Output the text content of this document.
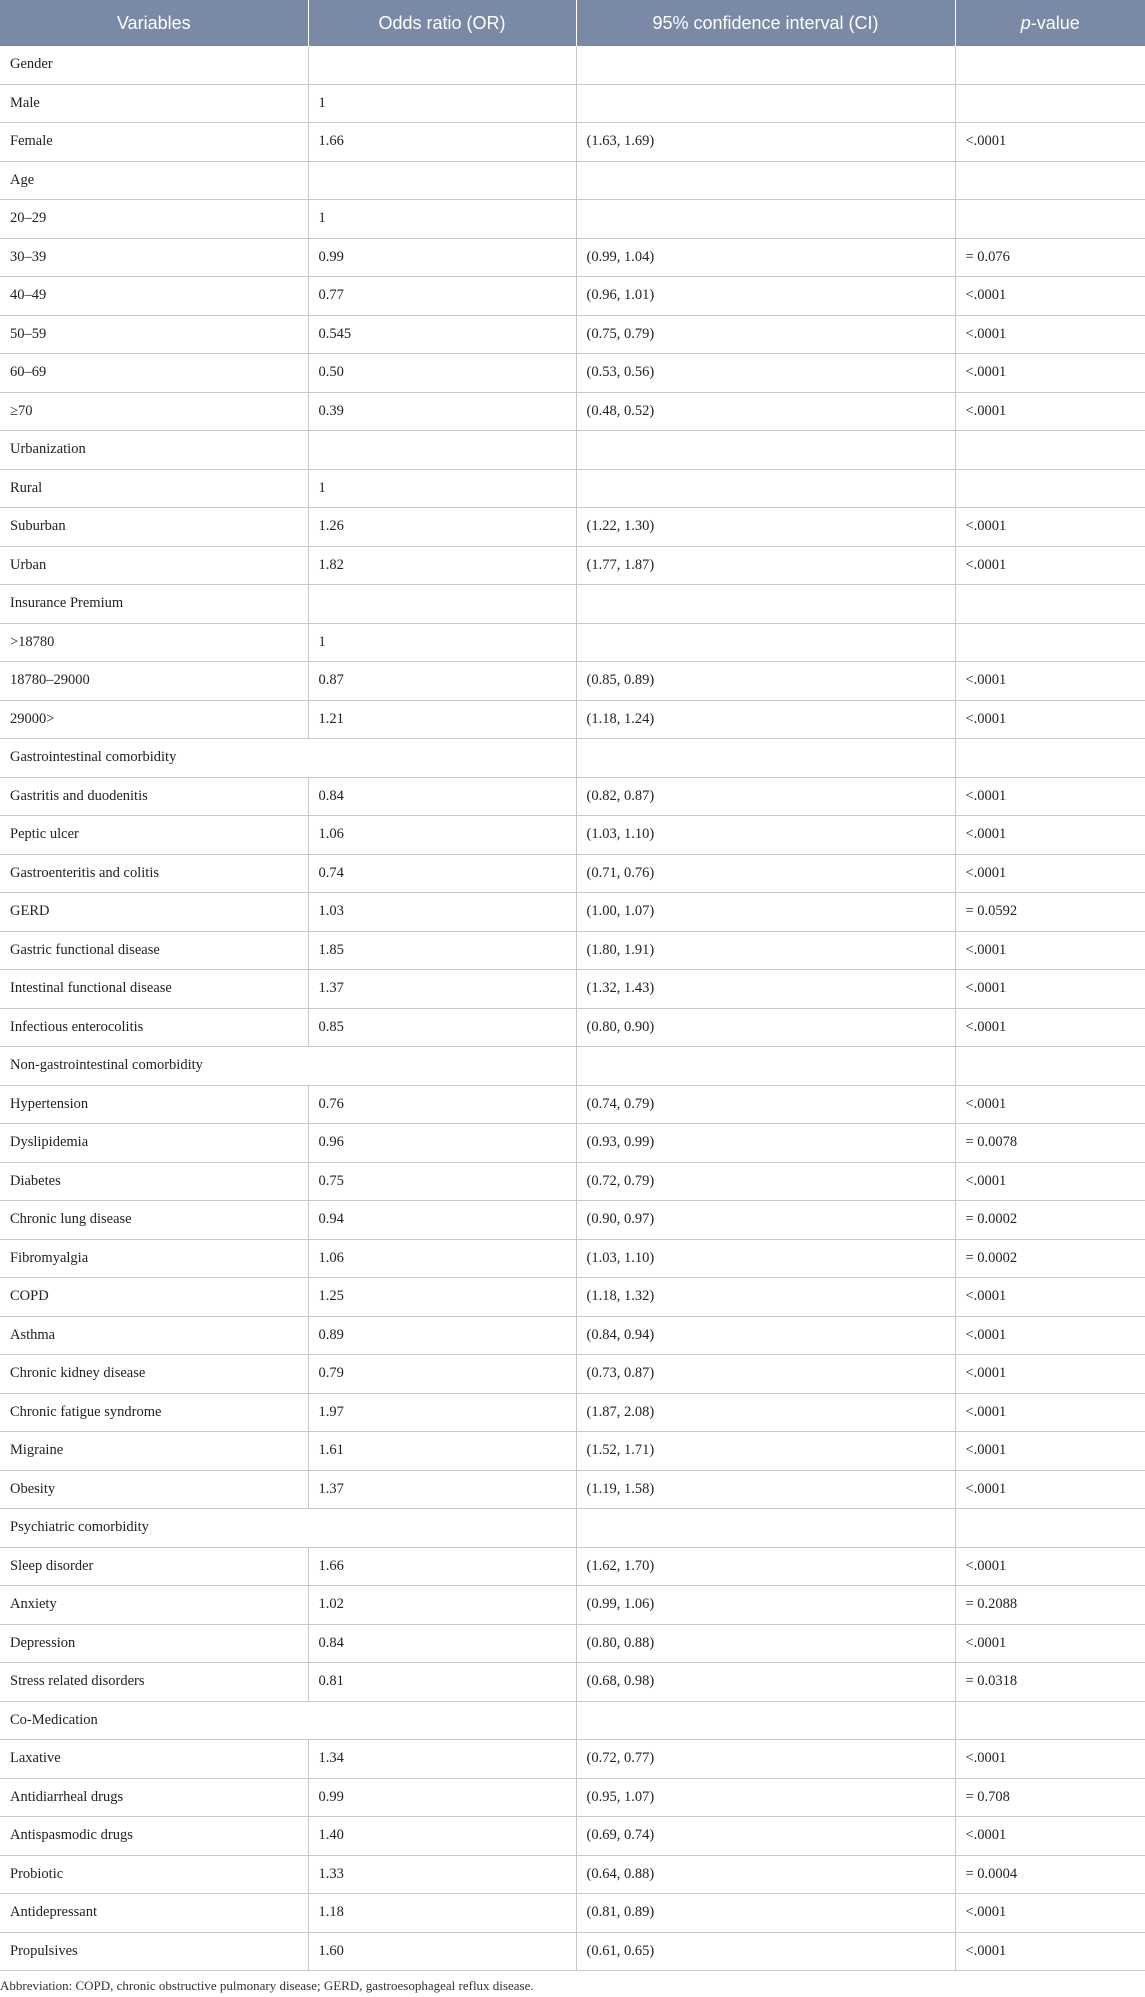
Variables	Odds ratio (OR)	95% confidence interval (CI)	p-value
Gender			
Male	1		
Female	1.66	(1.63, 1.69)	<.0001
Age			
20–29	1		
30–39	0.99	(0.99, 1.04)	= 0.076
40–49	0.77	(0.96, 1.01)	<.0001
50–59	0.545	(0.75, 0.79)	<.0001
60–69	0.50	(0.53, 0.56)	<.0001
≥70	0.39	(0.48, 0.52)	<.0001
Urbanization			
Rural	1		
Suburban	1.26	(1.22, 1.30)	<.0001
Urban	1.82	(1.77, 1.87)	<.0001
Insurance Premium			
>18780	1		
18780–29000	0.87	(0.85, 0.89)	<.0001
29000>	1.21	(1.18, 1.24)	<.0001
Gastrointestinal comorbidity			
Gastritis and duodenitis	0.84	(0.82, 0.87)	<.0001
Peptic ulcer	1.06	(1.03, 1.10)	<.0001
Gastroenteritis and colitis	0.74	(0.71, 0.76)	<.0001
GERD	1.03	(1.00, 1.07)	= 0.0592
Gastric functional disease	1.85	(1.80, 1.91)	<.0001
Intestinal functional disease	1.37	(1.32, 1.43)	<.0001
Infectious enterocolitis	0.85	(0.80, 0.90)	<.0001
Non-gastrointestinal comorbidity			
Hypertension	0.76	(0.74, 0.79)	<.0001
Dyslipidemia	0.96	(0.93, 0.99)	= 0.0078
Diabetes	0.75	(0.72, 0.79)	<.0001
Chronic lung disease	0.94	(0.90, 0.97)	= 0.0002
Fibromyalgia	1.06	(1.03, 1.10)	= 0.0002
COPD	1.25	(1.18, 1.32)	<.0001
Asthma	0.89	(0.84, 0.94)	<.0001
Chronic kidney disease	0.79	(0.73, 0.87)	<.0001
Chronic fatigue syndrome	1.97	(1.87, 2.08)	<.0001
Migraine	1.61	(1.52, 1.71)	<.0001
Obesity	1.37	(1.19, 1.58)	<.0001
Psychiatric comorbidity			
Sleep disorder	1.66	(1.62, 1.70)	<.0001
Anxiety	1.02	(0.99, 1.06)	= 0.2088
Depression	0.84	(0.80, 0.88)	<.0001
Stress related disorders	0.81	(0.68, 0.98)	= 0.0318
Co-Medication			
Laxative	1.34	(0.72, 0.77)	<.0001
Antidiarrheal drugs	0.99	(0.95, 1.07)	= 0.708
Antispasmodic drugs	1.40	(0.69, 0.74)	<.0001
Probiotic	1.33	(0.64, 0.88)	= 0.0004
Antidepressant	1.18	(0.81, 0.89)	<.0001
Propulsives	1.60	(0.61, 0.65)	<.0001
Abbreviation: COPD, chronic obstructive pulmonary disease; GERD, gastroesophageal reflux disease.
